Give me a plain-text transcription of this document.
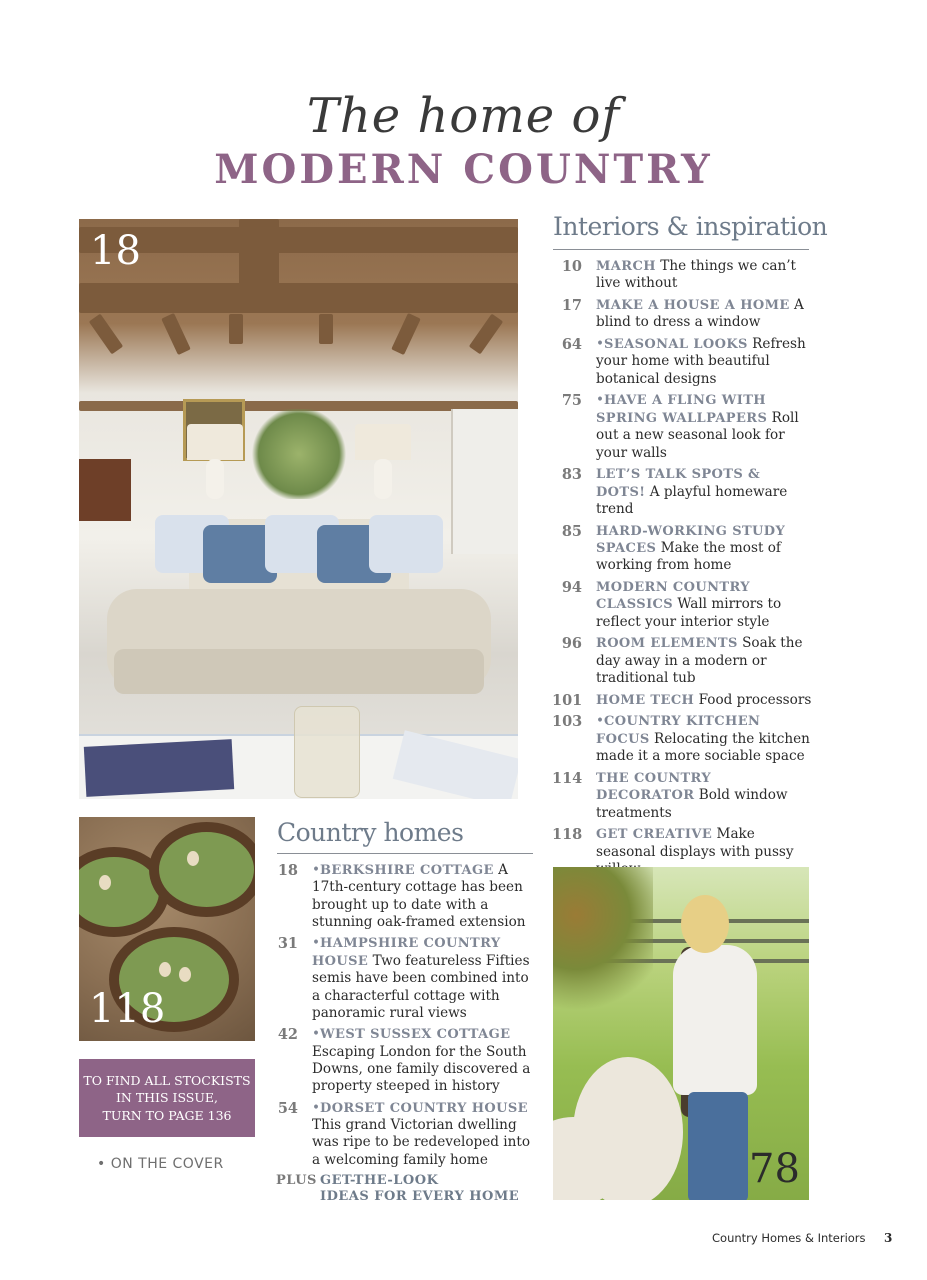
The home of
MODERN COUNTRY
18
118
Interiors & inspiration
10	MARCH The things we can’t live without
17	MAKE A HOUSE A HOME A blind to dress a window
64	•SEASONAL LOOKS Refresh your home with beautiful botanical designs
75	•HAVE A FLING WITH SPRING WALLPAPERS Roll out a new seasonal look for your walls
83	LET’S TALK SPOTS & DOTS! A playful homeware trend
85	HARD-WORKING STUDY SPACES Make the most of working from home
94	MODERN COUNTRY CLASSICS Wall mirrors to reflect your interior style
96	ROOM ELEMENTS Soak the day away in a modern or traditional tub
101	HOME TECH Food processors
103	•COUNTRY KITCHEN FOCUS Relocating the kitchen made it a more sociable space
114	THE COUNTRY DECORATOR Bold window treatments
118	GET CREATIVE Make seasonal displays with pussy
Country homes
18	•BERKSHIRE COTTAGE A 17th-century cottage has been brought up to date with a stunning oak-framed extension
31	•HAMPSHIRE COUNTRY HOUSE Two featureless Fifties semis have been combined into a characterful cottage with panoramic rural views
42	•WEST SUSSEX COTTAGE Escaping London for the South Downs, one family discovered a property steeped in history
54	•DORSET COUNTRY HOUSE This grand Victorian dwelling was ripe to be redeveloped into a welcoming family home
PLUS GET-THE-LOOK
IDEAS FOR EVERY HOME
78
TO FIND ALL STOCKISTS
IN THIS ISSUE,
TURN TO PAGE 136
• ON THE COVER
Country Homes & Interiors 3
